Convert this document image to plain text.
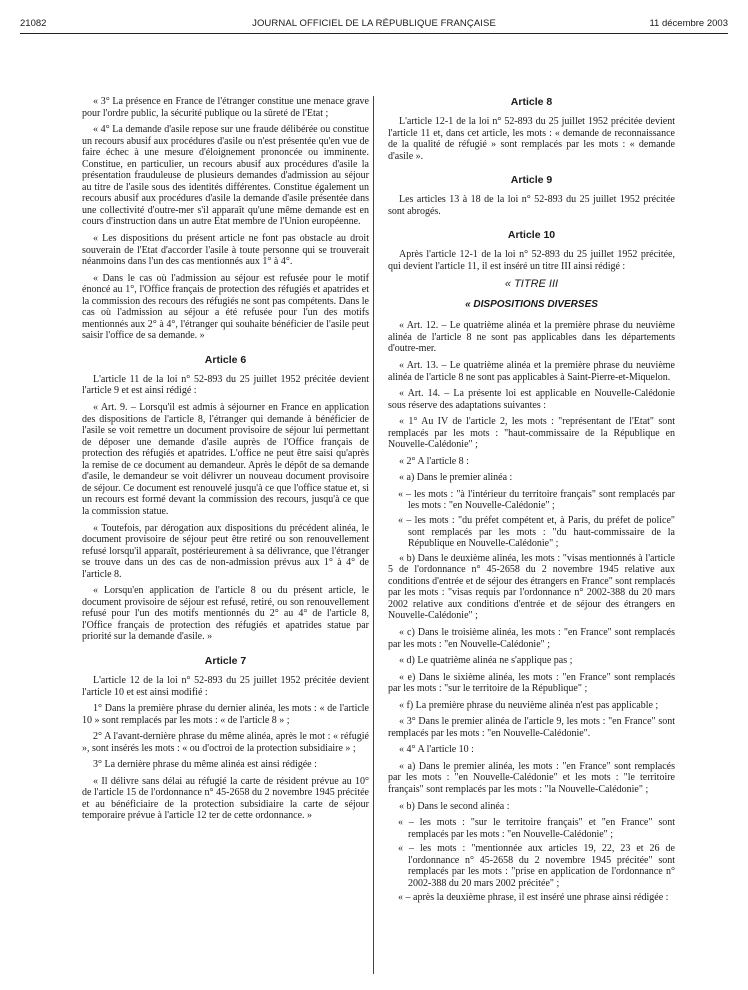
21082	JOURNAL OFFICIEL DE LA RÉPUBLIQUE FRANÇAISE	11 décembre 2003

« 3° La présence en France de l'étranger constitue une menace grave pour l'ordre public, la sécurité publique ou la sûreté de l'Etat ;

« 4° La demande d'asile repose sur une fraude délibérée ou constitue un recours abusif aux procédures d'asile ou n'est présentée qu'en vue de faire échec à une mesure d'éloignement prononcée ou imminente. Constitue, en particulier, un recours abusif aux procédures d'asile la présentation frauduleuse de plusieurs demandes d'admission au séjour au titre de l'asile sous des identités différentes. Constitue également un recours abusif aux procédures d'asile la demande d'asile présentée dans une collectivité d'outre-mer s'il apparaît qu'une même demande est en cours d'instruction dans un autre Etat membre de l'Union européenne.

« Les dispositions du présent article ne font pas obstacle au droit souverain de l'Etat d'accorder l'asile à toute personne qui se trouverait néanmoins dans l'un des cas mentionnés aux 1° à 4°.

« Dans le cas où l'admission au séjour est refusée pour le motif énoncé au 1°, l'Office français de protection des réfugiés et apatrides et la commission des recours des réfugiés ne sont pas compétents. Dans le cas où l'admission au séjour a été refusée pour l'un des motifs mentionnés aux 2° à 4°, l'étranger qui souhaite bénéficier de l'asile peut saisir l'office de sa demande. »

Article 6

L'article 11 de la loi n° 52-893 du 25 juillet 1952 précitée devient l'article 9 et est ainsi rédigé :

« Art. 9. – Lorsqu'il est admis à séjourner en France en application des dispositions de l'article 8, l'étranger qui demande à bénéficier de l'asile se voit remettre un document provisoire de séjour lui permettant de déposer une demande d'asile auprès de l'Office français de protection des réfugiés et apatrides. L'office ne peut être saisi qu'après la remise de ce document au demandeur. Après le dépôt de sa demande d'asile, le demandeur se voit délivrer un nouveau document provisoire de séjour. Ce document est renouvelé jusqu'à ce que l'office statue et, si un recours est formé devant la commission des recours, jusqu'à ce que la commission statue.

« Toutefois, par dérogation aux dispositions du précédent alinéa, le document provisoire de séjour peut être retiré ou son renouvellement refusé lorsqu'il apparaît, postérieurement à sa délivrance, que l'étranger se trouve dans un des cas de non-admission prévus aux 1° à 4° de l'article 8.

« Lorsqu'en application de l'article 8 ou du présent article, le document provisoire de séjour est refusé, retiré, ou son renouvellement refusé pour l'un des motifs mentionnés du 2° au 4° de l'article 8, l'Office français de protection des réfugiés et apatrides statue par priorité sur la demande d'asile. »

Article 7

L'article 12 de la loi n° 52-893 du 25 juillet 1952 précitée devient l'article 10 et est ainsi modifié :

1° Dans la première phrase du dernier alinéa, les mots : « de l'article 10 » sont remplacés par les mots : « de l'article 8 » ;

2° A l'avant-dernière phrase du même alinéa, après le mot : « réfugié », sont insérés les mots : « ou d'octroi de la protection subsidiaire » ;

3° La dernière phrase du même alinéa est ainsi rédigée :

« Il délivre sans délai au réfugié la carte de résident prévue au 10° de l'article 15 de l'ordonnance n° 45-2658 du 2 novembre 1945 précitée et au bénéficiaire de la protection subsidiaire la carte de séjour temporaire prévue à l'article 12 ter de cette ordonnance. »

Article 8

L'article 12-1 de la loi n° 52-893 du 25 juillet 1952 précitée devient l'article 11 et, dans cet article, les mots : « demande de reconnaissance de la qualité de réfugié » sont remplacés par les mots : « demande d'asile ».

Article 9

Les articles 13 à 18 de la loi n° 52-893 du 25 juillet 1952 précitée sont abrogés.

Article 10

Après l'article 12-1 de la loi n° 52-893 du 25 juillet 1952 précitée, qui devient l'article 11, il est inséré un titre III ainsi rédigé :

« TITRE III
« DISPOSITIONS DIVERSES

« Art. 12. – Le quatrième alinéa et la première phrase du neuvième alinéa de l'article 8 ne sont pas applicables dans les départements d'outre-mer.

« Art. 13. – Le quatrième alinéa et la première phrase du neuvième alinéa de l'article 8 ne sont pas applicables à Saint-Pierre-et-Miquelon.

« Art. 14. – La présente loi est applicable en Nouvelle-Calédonie sous réserve des adaptations suivantes :

« 1° Au IV de l'article 2, les mots : "représentant de l'Etat" sont remplacés par les mots : "haut-commissaire de la République en Nouvelle-Calédonie" ;

« 2° A l'article 8 :

« a) Dans le premier alinéa :

« – les mots : "à l'intérieur du territoire français" sont remplacés par les mots : "en Nouvelle-Calédonie" ;

« – les mots : "du préfet compétent et, à Paris, du préfet de police" sont remplacés par les mots : "du haut-commissaire de la République en Nouvelle-Calédonie" ;

« b) Dans le deuxième alinéa, les mots : "visas mentionnés à l'article 5 de l'ordonnance n° 45-2658 du 2 novembre 1945 relative aux conditions d'entrée et de séjour des étrangers en France" sont remplacés par les mots : "visas requis par l'ordonnance n° 2002-388 du 20 mars 2002 relative aux conditions d'entrée et de séjour des étrangers en Nouvelle-Calédonie" ;

« c) Dans le troisième alinéa, les mots : "en France" sont remplacés par les mots : "en Nouvelle-Calédonie" ;

« d) Le quatrième alinéa ne s'applique pas ;

« e) Dans le sixième alinéa, les mots : "en France" sont remplacés par les mots : "sur le territoire de la République" ;

« f) La première phrase du neuvième alinéa n'est pas applicable ;

« 3° Dans le premier alinéa de l'article 9, les mots : "en France" sont remplacés par les mots : "en Nouvelle-Calédonie".

« 4° A l'article 10 :

« a) Dans le premier alinéa, les mots : "en France" sont remplacés par les mots : "en Nouvelle-Calédonie" et les mots : "le territoire français" sont remplacés par les mots : "la Nouvelle-Calédonie" ;

« b) Dans le second alinéa :

« – les mots : "sur le territoire français" et "en France" sont remplacés par les mots : "en Nouvelle-Calédonie" ;

« – les mots : "mentionnée aux articles 19, 22, 23 et 26 de l'ordonnance n° 45-2658 du 2 novembre 1945 précitée" sont remplacés par les mots : "prise en application de l'ordonnance n° 2002-388 du 20 mars 2002 précitée" ;

« – après la deuxième phrase, il est inséré une phrase ainsi rédigée :
